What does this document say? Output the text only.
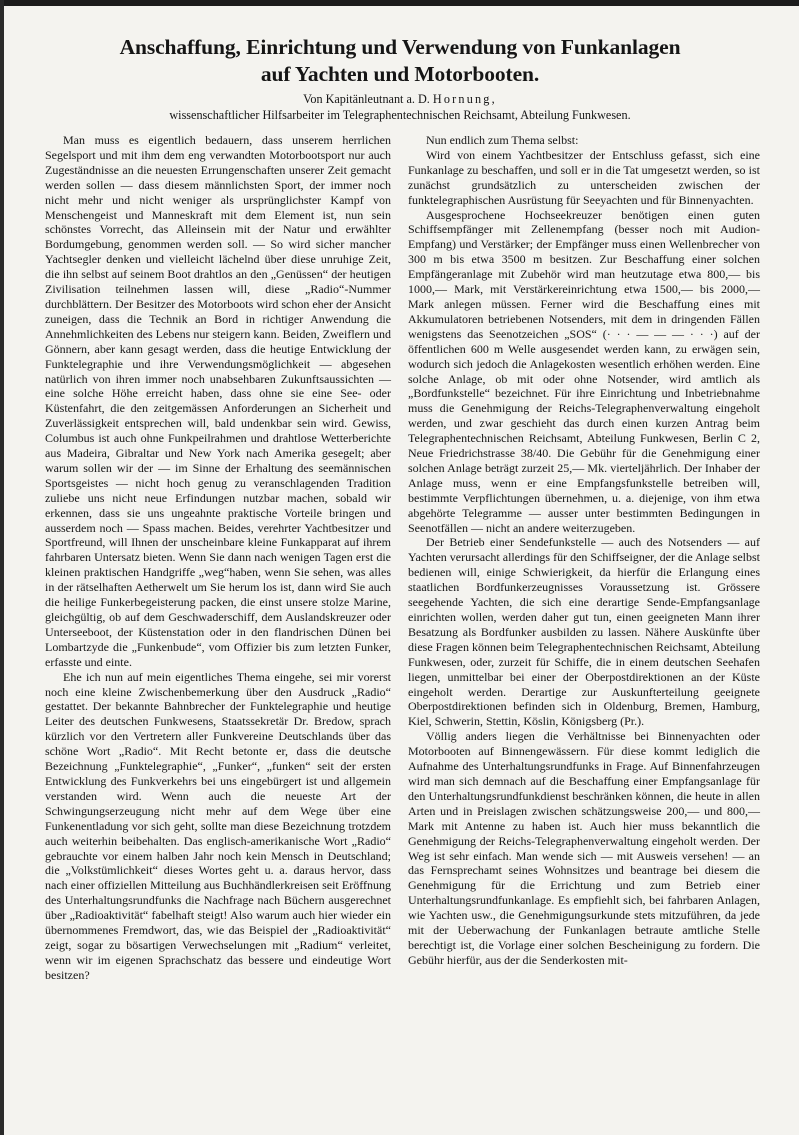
Anschaffung, Einrichtung und Verwendung von Funkanlagen
auf Yachten und Motorbooten.
Von Kapitänleutnant a. D. Hornung,
wissenschaftlicher Hilfsarbeiter im Telegraphentechnischen Reichsamt, Abteilung Funkwesen.

Man muss es eigentlich bedauern, dass unserem herrlichen Segelsport und mit ihm dem eng verwandten Motorbootsport nur auch Zugeständnisse an die neuesten Errungenschaften unserer Zeit gemacht werden sollen — dass diesem männlichsten Sport, der immer noch nicht mehr und nicht weniger als ursprünglichster Kampf von Menschengeist und Manneskraft mit dem Element ist, nun sein schönstes Vorrecht, das Alleinsein mit der Natur und erwählter Bordumgebung, genommen werden soll. — So wird sicher mancher Yachtsegler denken und vielleicht lächelnd über diese unruhige Zeit, die ihn selbst auf seinem Boot drahtlos an den „Genüssen“ der heutigen Zivilisation teilnehmen lassen will, diese „Radio“-Nummer durchblättern. Der Besitzer des Motorboots wird schon eher der Ansicht zuneigen, dass die Technik an Bord in richtiger Anwendung die Annehmlichkeiten des Lebens nur steigern kann. Beiden, Zweiflern und Gönnern, aber kann gesagt werden, dass die heutige Entwicklung der Funktelegraphie und ihre Verwendungsmöglichkeit — abgesehen natürlich von ihren immer noch unabsehbaren Zukunftsaussichten — eine solche Höhe erreicht haben, dass ohne sie eine See- oder Küstenfahrt, die den zeitgemässen Anforderungen an Sicherheit und Zuverlässigkeit entsprechen will, bald undenkbar sein wird. Gewiss, Columbus ist auch ohne Funkpeilrahmen und drahtlose Wetterberichte aus Madeira, Gibraltar und New York nach Amerika gesegelt; aber warum sollen wir der — im Sinne der Erhaltung des seemännischen Sportsgeistes — nicht hoch genug zu veranschlagenden Tradition zuliebe uns nicht neue Erfindungen nutzbar machen, sobald wir erkennen, dass sie uns ungeahnte praktische Vorteile bringen und ausserdem noch — Spass machen. Beides, verehrter Yachtbesitzer und Sportfreund, will Ihnen der unscheinbare kleine Funkapparat auf ihrem fahrbaren Untersatz bieten. Wenn Sie dann nach wenigen Tagen erst die kleinen praktischen Handgriffe „weg“haben, wenn Sie sehen, was alles in der rätselhaften Aetherwelt um Sie herum los ist, dann wird Sie auch die heilige Funkerbegeisterung packen, die einst unsere stolze Marine, gleichgültig, ob auf dem Geschwaderschiff, dem Auslandskreuzer oder Unterseeboot, der Küstenstation oder in den flandrischen Dünen bei Lombartzyde die „Funkenbude“, vom Offizier bis zum letzten Funker, erfasste und einte.

Ehe ich nun auf mein eigentliches Thema eingehe, sei mir vorerst noch eine kleine Zwischenbemerkung über den Ausdruck „Radio“ gestattet. Der bekannte Bahnbrecher der Funktelegraphie und heutige Leiter des deutschen Funkwesens, Staatssekretär Dr. Bredow, sprach kürzlich vor den Vertretern aller Funkvereine Deutschlands über das schöne Wort „Radio“. Mit Recht betonte er, dass die deutsche Bezeichnung „Funktelegraphie“, „Funker“, „funken“ seit der ersten Entwicklung des Funkverkehrs bei uns eingebürgert ist und allgemein verstanden wird. Wenn auch die neueste Art der Schwingungserzeugung nicht mehr auf dem Wege über eine Funkenentladung vor sich geht, sollte man diese Bezeichnung trotzdem auch weiterhin beibehalten. Das englisch-amerikanische Wort „Radio“ gebrauchte vor einem halben Jahr noch kein Mensch in Deutschland; die „Volkstümlichkeit“ dieses Wortes geht u. a. daraus hervor, dass nach einer offiziellen Mitteilung aus Buchhändlerkreisen seit Eröffnung des Unterhaltungsrundfunks die Nachfrage nach Büchern ausgerechnet über „Radioaktivität“ fabelhaft steigt! Also warum auch hier wieder ein übernommenes Fremdwort, das, wie das Beispiel der „Radioaktivität“ zeigt, sogar zu bösartigen Verwechselungen mit „Radium“ verleitet, wenn wir im eigenen Sprachschatz das bessere und eindeutige Wort besitzen?

Nun endlich zum Thema selbst:

Wird von einem Yachtbesitzer der Entschluss gefasst, sich eine Funkanlage zu beschaffen, und soll er in die Tat umgesetzt werden, so ist zunächst grundsätzlich zu unterscheiden zwischen der funktelegraphischen Ausrüstung für Seeyachten und für Binnenyachten.

Ausgesprochene Hochseekreuzer benötigen einen guten Schiffsempfänger mit Zellenempfang (besser noch mit Audion-Empfang) und Verstärker; der Empfänger muss einen Wellenbrecher von 300 m bis etwa 3500 m besitzen. Zur Beschaffung einer solchen Empfängeranlage mit Zubehör wird man heutzutage etwa 800,— bis 1000,— Mark, mit Verstärkereinrichtung etwa 1500,— bis 2000,— Mark anlegen müssen. Ferner wird die Beschaffung eines mit Akkumulatoren betriebenen Notsenders, mit dem in dringenden Fällen wenigstens das Seenotzeichen „SOS“ (· · · — — — · · ·) auf der öffentlichen 600 m Welle ausgesendet werden kann, zu erwägen sein, wodurch sich jedoch die Anlagekosten wesentlich erhöhen werden. Eine solche Anlage, ob mit oder ohne Notsender, wird amtlich als „Bordfunkstelle“ bezeichnet. Für ihre Einrichtung und Inbetriebnahme muss die Genehmigung der Reichs-Telegraphenverwaltung eingeholt werden, und zwar geschieht das durch einen kurzen Antrag beim Telegraphentechnischen Reichsamt, Abteilung Funkwesen, Berlin C 2, Neue Friedrichstrasse 38/40. Die Gebühr für die Genehmigung einer solchen Anlage beträgt zurzeit 25,— Mk. vierteljährlich. Der Inhaber der Anlage muss, wenn er eine Empfangsfunkstelle betreiben will, bestimmte Verpflichtungen übernehmen, u. a. diejenige, von ihm etwa abgehörte Telegramme — ausser unter bestimmten Bedingungen in Seenotfällen — nicht an andere weiterzugeben.

Der Betrieb einer Sendefunkstelle — auch des Notsenders — auf Yachten verursacht allerdings für den Schiffseigner, der die Anlage selbst bedienen will, einige Schwierigkeit, da hierfür die Erlangung eines staatlichen Bordfunkerzeugnisses Voraussetzung ist. Grössere seegehende Yachten, die sich eine derartige Sende-Empfangsanlage einrichten wollen, werden daher gut tun, einen geeigneten Mann ihrer Besatzung als Bordfunker ausbilden zu lassen. Nähere Auskünfte über diese Fragen können beim Telegraphentechnischen Reichsamt, Abteilung Funkwesen, oder, zurzeit für Schiffe, die in einem deutschen Seehafen liegen, unmittelbar bei einer der Oberpostdirektionen an der Küste eingeholt werden. Derartige zur Auskunfterteilung geeignete Oberpostdirektionen befinden sich in Oldenburg, Bremen, Hamburg, Kiel, Schwerin, Stettin, Köslin, Königsberg (Pr.).

Völlig anders liegen die Verhältnisse bei Binnenyachten oder Motorbooten auf Binnengewässern. Für diese kommt lediglich die Aufnahme des Unterhaltungsrundfunks in Frage. Auf Binnenfahrzeugen wird man sich demnach auf die Beschaffung einer Empfangsanlage für den Unterhaltungsrundfunkdienst beschränken können, die heute in allen Arten und in Preislagen zwischen schätzungsweise 200,— und 800,— Mark mit Antenne zu haben ist. Auch hier muss bekanntlich die Genehmigung der Reichs-Telegraphenverwaltung eingeholt werden. Der Weg ist sehr einfach. Man wende sich — mit Ausweis versehen! — an das Fernsprechamt seines Wohnsitzes und beantrage bei diesem die Genehmigung für die Errichtung und zum Betrieb einer Unterhaltungsrundfunkanlage. Es empfiehlt sich, bei fahrbaren Anlagen, wie Yachten usw., die Genehmigungsurkunde stets mitzuführen, da jede mit der Ueberwachung der Funkanlagen betraute amtliche Stelle berechtigt ist, die Vorlage einer solchen Bescheinigung zu fordern. Die Gebühr hierfür, aus der die Senderkosten mit-
